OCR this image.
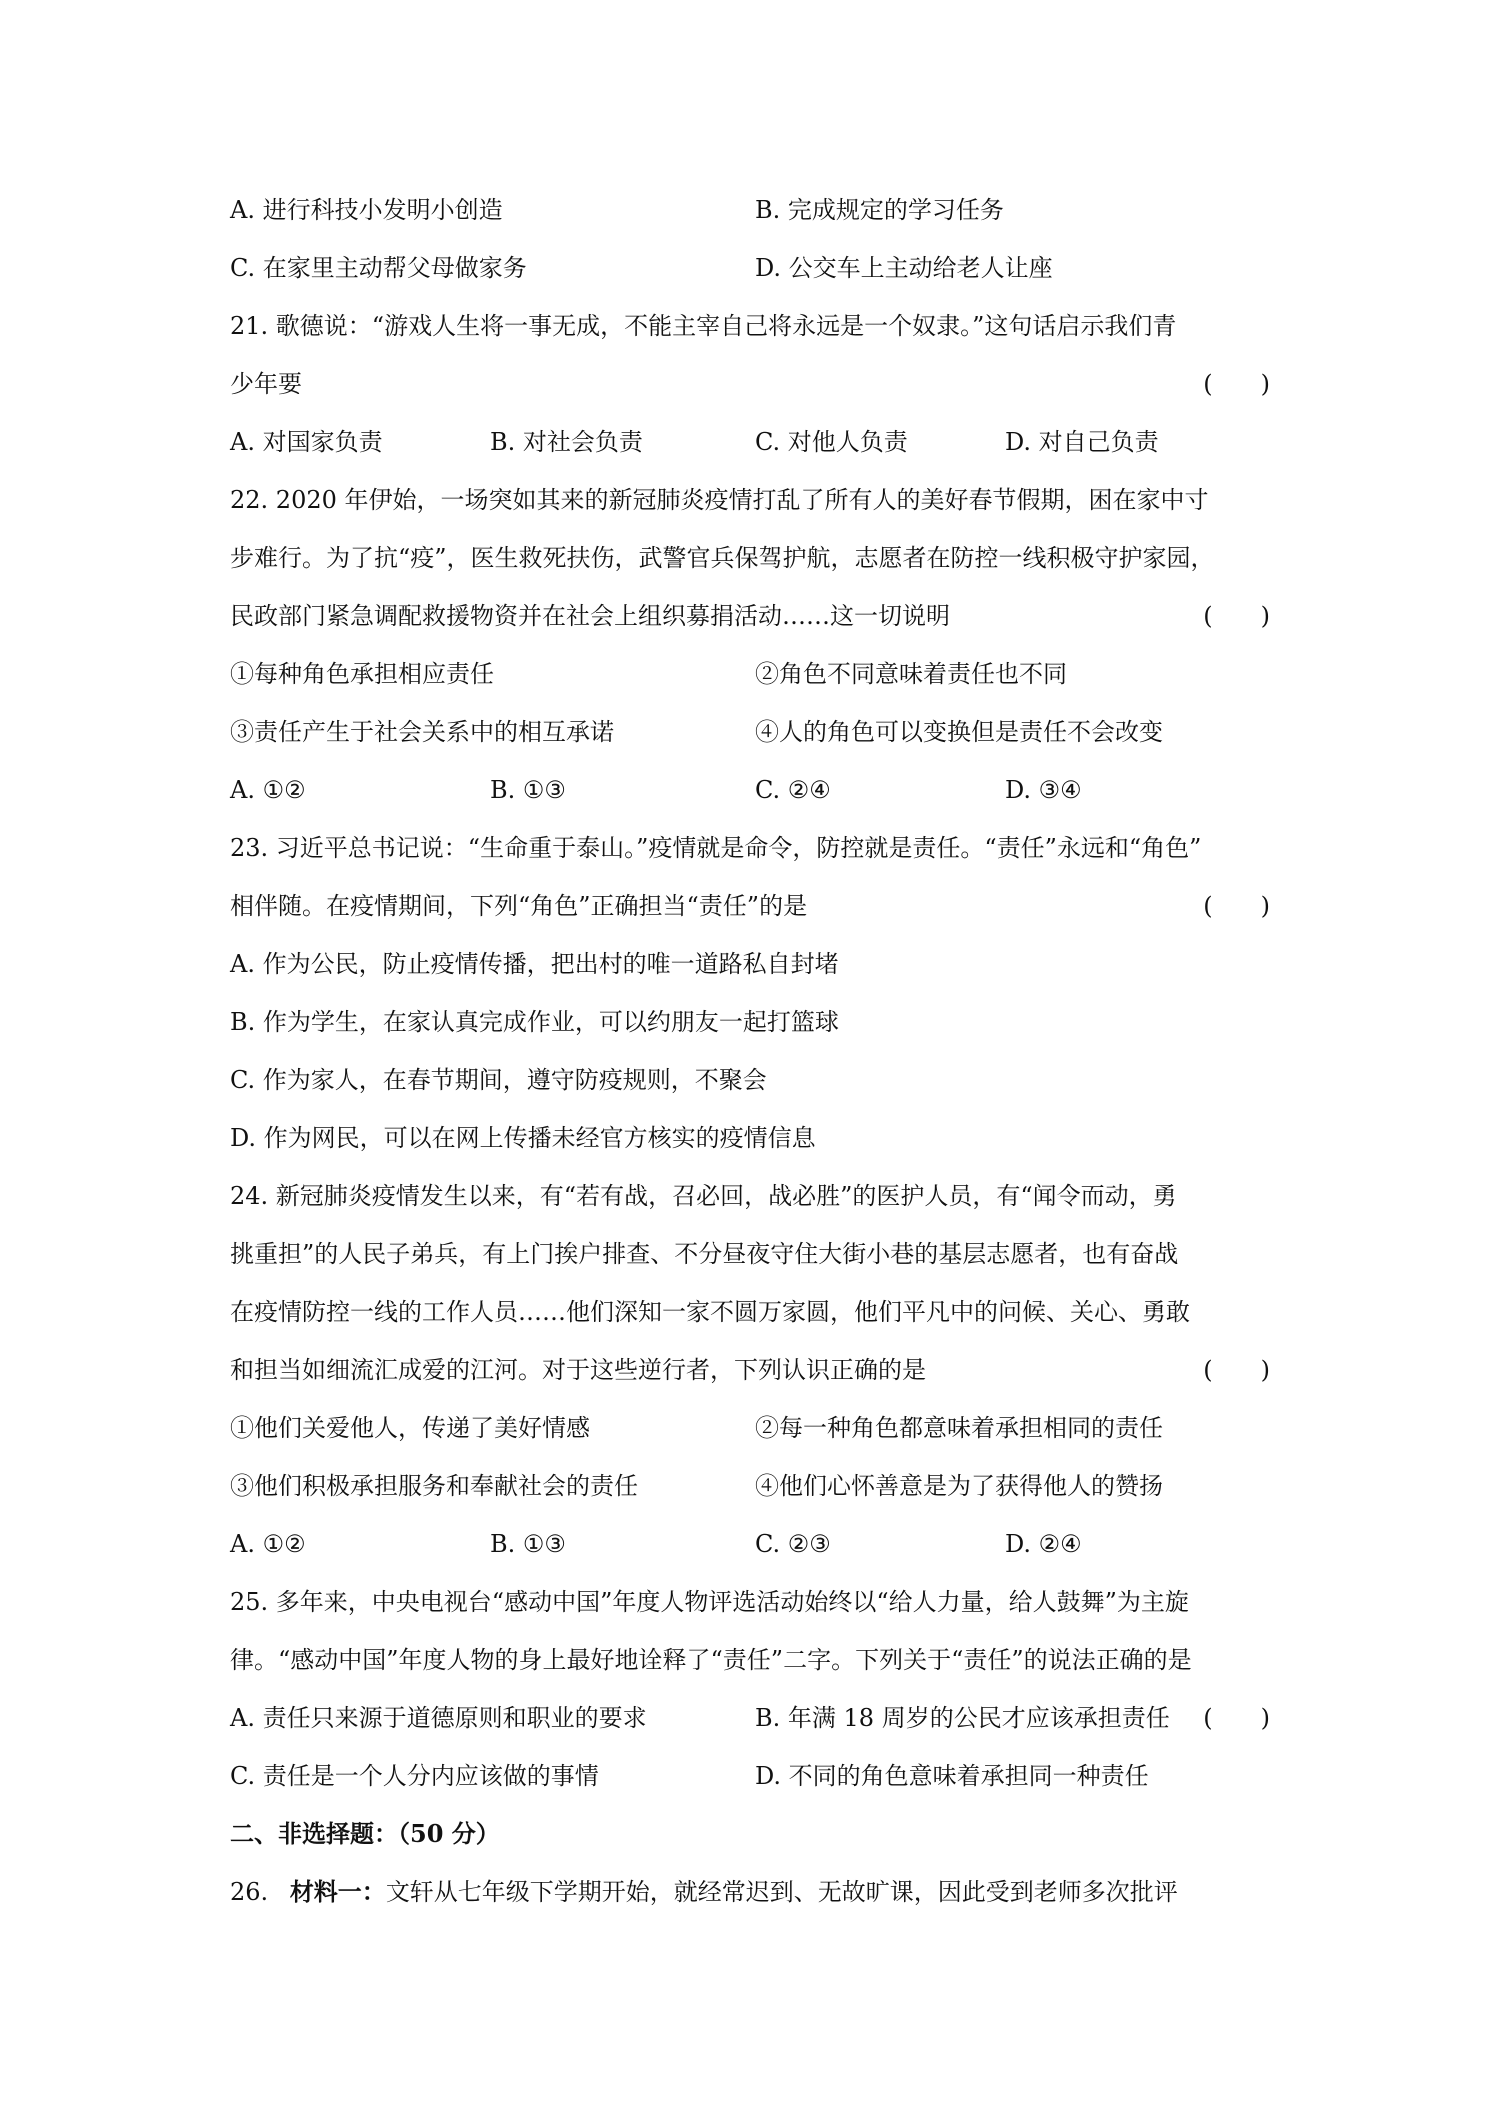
A. 进行科技小发明小创造	B. 完成规定的学习任务
C. 在家里主动帮父母做家务	D. 公交车上主动给老人让座
21. 歌德说：“游戏人生将一事无成，不能主宰自己将永远是一个奴隶。”这句话启示我们青
少年要	(　　)
A. 对国家负责	B. 对社会负责	C. 对他人负责	D. 对自己负责
22. 2020 年伊始，一场突如其来的新冠肺炎疫情打乱了所有人的美好春节假期，困在家中寸
步难行。为了抗“疫”，医生救死扶伤，武警官兵保驾护航，志愿者在防控一线积极守护家园，
民政部门紧急调配救援物资并在社会上组织募捐活动……这一切说明	(　　)
①每种角色承担相应责任	②角色不同意味着责任也不同
③责任产生于社会关系中的相互承诺	④人的角色可以变换但是责任不会改变
A. ①②	B. ①③	C. ②④	D. ③④
23. 习近平总书记说：“生命重于泰山。”疫情就是命令，防控就是责任。“责任”永远和“角色”
相伴随。在疫情期间，下列“角色”正确担当“责任”的是	(　　)
A. 作为公民，防止疫情传播，把出村的唯一道路私自封堵
B. 作为学生，在家认真完成作业，可以约朋友一起打篮球
C. 作为家人，在春节期间，遵守防疫规则，不聚会
D. 作为网民，可以在网上传播未经官方核实的疫情信息
24. 新冠肺炎疫情发生以来，有“若有战，召必回，战必胜”的医护人员，有“闻令而动，勇
挑重担”的人民子弟兵，有上门挨户排查、不分昼夜守住大街小巷的基层志愿者，也有奋战
在疫情防控一线的工作人员……他们深知一家不圆万家圆，他们平凡中的问候、关心、勇敢
和担当如细流汇成爱的江河。对于这些逆行者，下列认识正确的是	(　　)
①他们关爱他人，传递了美好情感	②每一种角色都意味着承担相同的责任
③他们积极承担服务和奉献社会的责任	④他们心怀善意是为了获得他人的赞扬
A. ①②	B. ①③	C. ②③	D. ②④
25. 多年来，中央电视台“感动中国”年度人物评选活动始终以“给人力量，给人鼓舞”为主旋
律。“感动中国”年度人物的身上最好地诠释了“责任”二字。下列关于“责任”的说法正确的是
A. 责任只来源于道德原则和职业的要求	B. 年满 18 周岁的公民才应该承担责任 (　　)
C. 责任是一个人分内应该做的事情	D. 不同的角色意味着承担同一种责任
二、非选择题：（50 分）
26. 材料一：文轩从七年级下学期开始，就经常迟到、无故旷课，因此受到老师多次批评
